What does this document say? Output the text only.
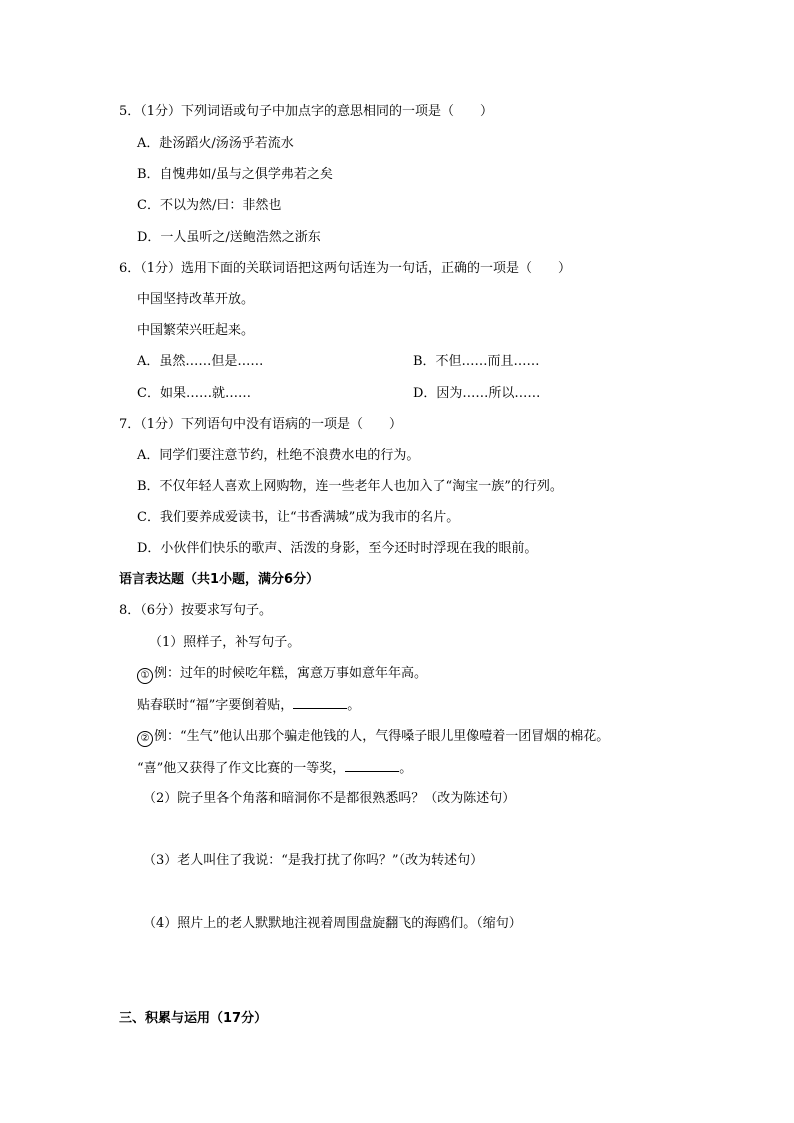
5．（1分）下列词语或句子中加点字的意思相同的一项是（　　）
A．赴汤蹈火/汤汤乎若流水
B．自愧弗如/虽与之俱学弗若之矣
C．不以为然/曰：非然也
D．一人虽听之/送鲍浩然之浙东
6．（1分）选用下面的关联词语把这两句话连为一句话，正确的一项是（　　）
中国坚持改革开放。
中国繁荣兴旺起来。
A．虽然……但是……	B．不但……而且……
C．如果……就……	D．因为……所以……
7．（1分）下列语句中没有语病的一项是（　　）
A．同学们要注意节约，杜绝不浪费水电的行为。
B．不仅年轻人喜欢上网购物，连一些老年人也加入了“淘宝一族”的行列。
C．我们要养成爱读书，让“书香满城”成为我市的名片。
D．小伙伴们快乐的歌声、活泼的身影，至今还时时浮现在我的眼前。
语言表达题（共1小题，满分6分）
8．（6分）按要求写句子。
（1）照样子，补写句子。
① 例：过年的时候吃年糕，寓意万事如意年年高。
贴春联时“福”字要倒着贴，	。
② 例：“生气”他认出那个骗走他钱的人，气得嗓子眼儿里像噎着一团冒烟的棉花。
“喜”他又获得了作文比赛的一等奖，	。
（2）院子里各个角落和暗洞你不是都很熟悉吗？（改为陈述句）
（3）老人叫住了我说：“是我打扰了你吗？”（改为转述句）
（4）照片上的老人默默地注视着周围盘旋翻飞的海鸥们。（缩句）
三、积累与运用（17分）
